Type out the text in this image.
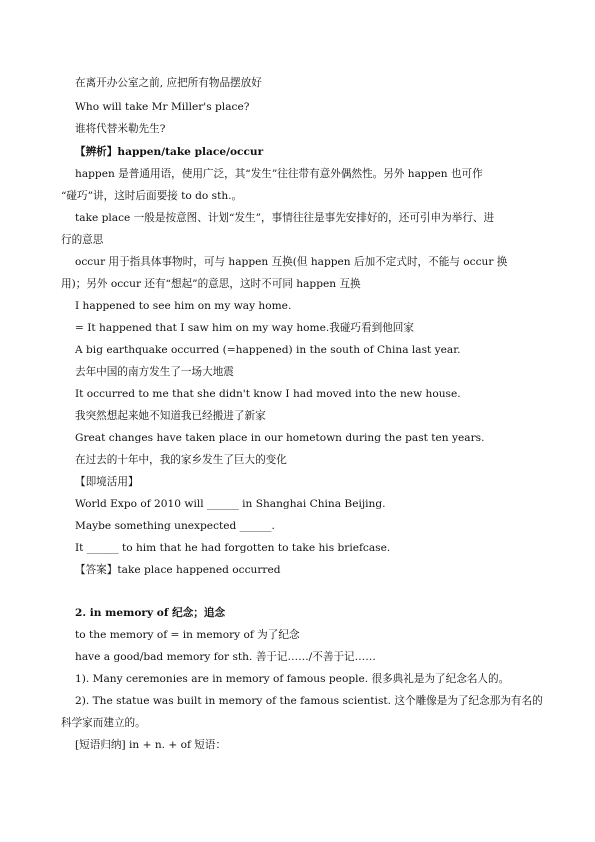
在离开办公室之前, 应把所有物品摆放好
Who will take Mr Miller's place?
谁将代替米勒先生?
【辨析】happen/take place/occur
happen 是普通用语，使用广泛，其“发生”往往带有意外偶然性。另外 happen 也可作
“碰巧”讲，这时后面要接 to do sth.。
take place 一般是按意图、计划“发生”，事情往往是事先安排好的，还可引申为举行、进
行的意思
occur 用于指具体事物时，可与 happen 互换(但 happen 后加不定式时，不能与 occur 换
用)；另外 occur 还有“想起”的意思，这时不可同 happen 互换
I happened to see him on my way home.
= It happened that I saw him on my way home.我碰巧看到他回家
A big earthquake occurred (=happened) in the south of China last year.
去年中国的南方发生了一场大地震
It occurred to me that she didn't know I had moved into the new house.
我突然想起来她不知道我已经搬进了新家
Great changes have taken place in our hometown during the past ten years.
在过去的十年中，我的家乡发生了巨大的变化
【即境活用】
World Expo of 2010 will ______ in Shanghai China Beijing.
Maybe something unexpected ______.
It ______ to him that he had forgotten to take his briefcase.
【答案】take place happened occurred
2. in memory of 纪念；追念
to the memory of = in memory of 为了纪念
have a good/bad memory for sth. 善于记……/不善于记……
1). Many ceremonies are in memory of famous people. 很多典礼是为了纪念名人的。
2). The statue was built in memory of the famous scientist. 这个雕像是为了纪念那为有名的
科学家而建立的。
[短语归纳] in + n. + of 短语：
